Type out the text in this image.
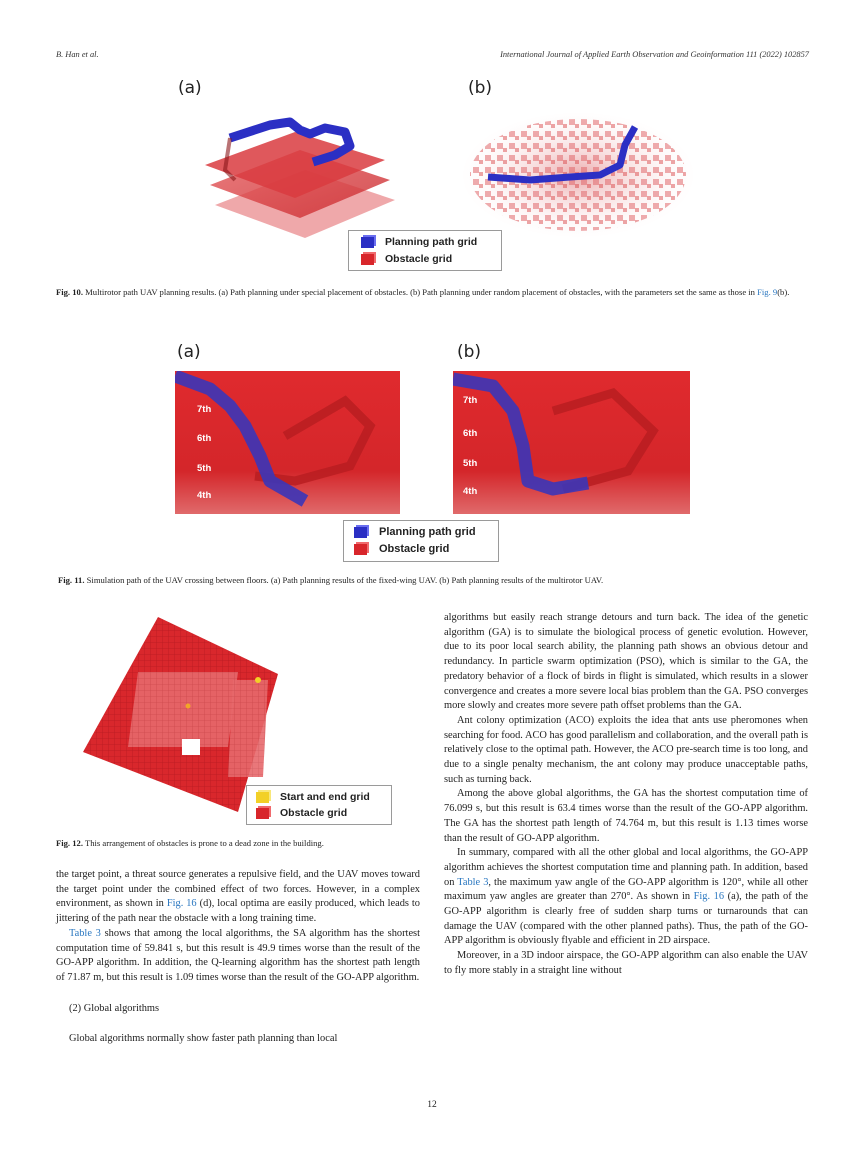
B. Han et al.	International Journal of Applied Earth Observation and Geoinformation 111 (2022) 102857
(a)	(b)
Planning path grid
Obstacle grid
Fig. 10. Multirotor path UAV planning results. (a) Path planning under special placement of obstacles. (b) Path planning under random placement of obstacles, with the parameters set the same as those in Fig. 9(b).
(a)	(b)
7th
6th
5th
4th
7th
6th
5th
4th
Planning path grid
Obstacle grid
Fig. 11. Simulation path of the UAV crossing between floors. (a) Path planning results of the fixed-wing UAV. (b) Path planning results of the multirotor UAV.
Start and end grid
Obstacle grid
Fig. 12. This arrangement of obstacles is prone to a dead zone in the building.

the target point, a threat source generates a repulsive field, and the UAV moves toward the target point under the combined effect of two forces. However, in a complex environment, as shown in Fig. 16 (d), local optima are easily produced, which leads to jittering of the path near the obstacle with a long training time.

Table 3 shows that among the local algorithms, the SA algorithm has the shortest computation time of 59.841 s, but this result is 49.9 times worse than the result of the GO-APP algorithm. In addition, the Q-learning algorithm has the shortest path length of 71.87 m, but this result is 1.09 times worse than the result of the GO-APP algorithm.

(2) Global algorithms

Global algorithms normally show faster path planning than local

algorithms but easily reach strange detours and turn back. The idea of the genetic algorithm (GA) is to simulate the biological process of genetic evolution. However, due to its poor local search ability, the planning path shows an obvious detour and redundancy. In particle swarm optimization (PSO), which is similar to the GA, the predatory behavior of a flock of birds in flight is simulated, which results in a slower convergence and creates a more severe local bias problem than the GA. PSO converges more slowly and creates more severe path offset problems than the GA.

Ant colony optimization (ACO) exploits the idea that ants use pheromones when searching for food. ACO has good parallelism and collaboration, and the overall path is relatively close to the optimal path. However, the ACO pre-search time is too long, and due to a single penalty mechanism, the ant colony may produce unacceptable paths, such as turning back.

Among the above global algorithms, the GA has the shortest computation time of 76.099 s, but this result is 63.4 times worse than the result of the GO-APP algorithm. The GA has the shortest path length of 74.764 m, but this result is 1.13 times worse than the result of GO-APP algorithm.

In summary, compared with all the other global and local algorithms, the GO-APP algorithm achieves the shortest computation time and planning path. In addition, based on Table 3, the maximum yaw angle of the GO-APP algorithm is 120°, while all other maximum yaw angles are greater than 270°. As shown in Fig. 16 (a), the path of the GO-APP algorithm is clearly free of sudden sharp turns or turnarounds that can damage the UAV (compared with the other planned paths). Thus, the path of the GO-APP algorithm is obviously flyable and efficient in 2D airspace.

Moreover, in a 3D indoor airspace, the GO-APP algorithm can also enable the UAV to fly more stably in a straight line without

12
